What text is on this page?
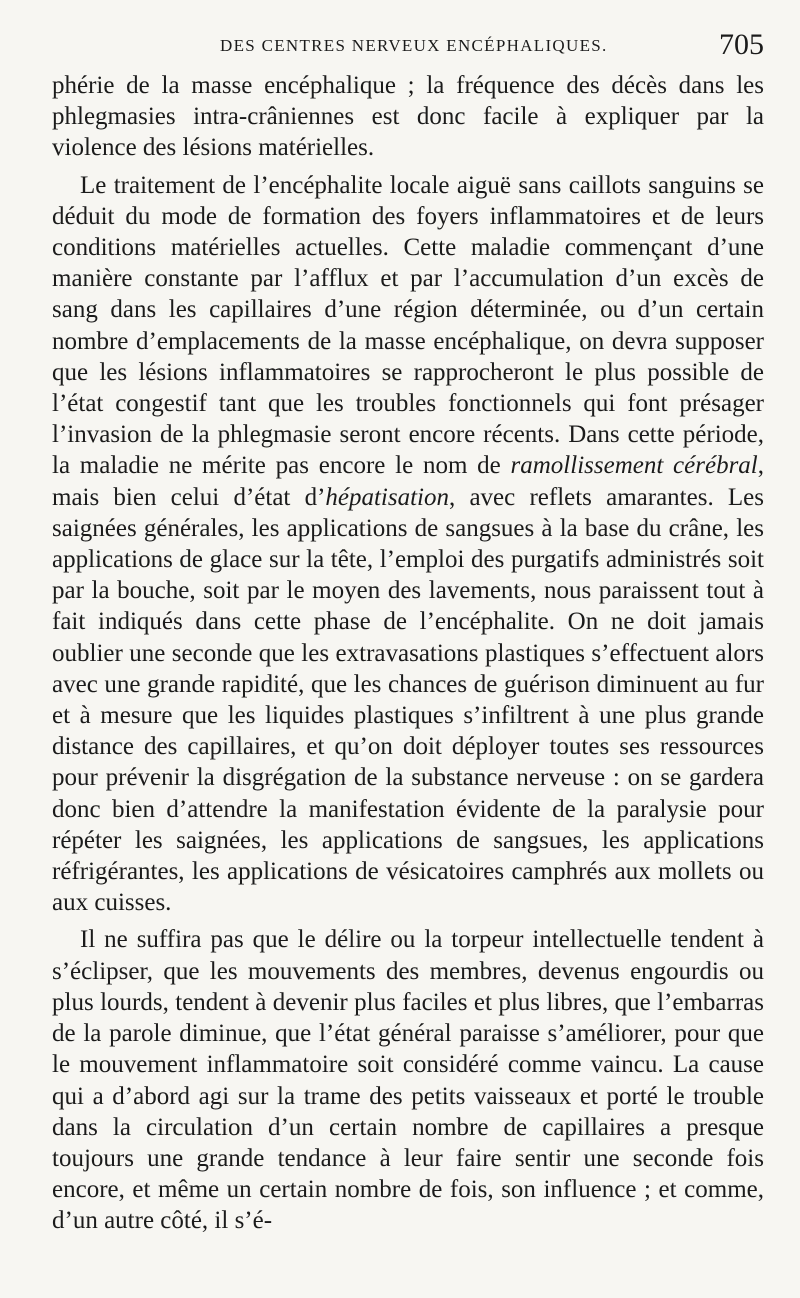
DES CENTRES NERVEUX ENCÉPHALIQUES.	705

phérie de la masse encéphalique ; la fréquence des décès dans les phlegmasies intra-crâniennes est donc facile à expliquer par la violence des lésions matérielles.

Le traitement de l’encéphalite locale aiguë sans caillots sanguins se déduit du mode de formation des foyers inflammatoires et de leurs conditions matérielles actuelles. Cette maladie commençant d’une manière constante par l’afflux et par l’accumulation d’un excès de sang dans les capillaires d’une région déterminée, ou d’un certain nombre d’emplacements de la masse encéphalique, on devra supposer que les lésions inflammatoires se rapprocheront le plus possible de l’état congestif tant que les troubles fonctionnels qui font présager l’invasion de la phlegmasie seront encore récents. Dans cette période, la maladie ne mérite pas encore le nom de ramollissement cérébral, mais bien celui d’état d’hépatisation, avec reflets amarantes. Les saignées générales, les applications de sangsues à la base du crâne, les applications de glace sur la tête, l’emploi des purgatifs administrés soit par la bouche, soit par le moyen des lavements, nous paraissent tout à fait indiqués dans cette phase de l’encéphalite. On ne doit jamais oublier une seconde que les extravasations plastiques s’effectuent alors avec une grande rapidité, que les chances de guérison diminuent au fur et à mesure que les liquides plastiques s’infiltrent à une plus grande distance des capillaires, et qu’on doit déployer toutes ses ressources pour prévenir la disgrégation de la substance nerveuse : on se gardera donc bien d’attendre la manifestation évidente de la paralysie pour répéter les saignées, les applications de sangsues, les applications réfrigérantes, les applications de vésicatoires camphrés aux mollets ou aux cuisses.

Il ne suffira pas que le délire ou la torpeur intellectuelle tendent à s’éclipser, que les mouvements des membres, devenus engourdis ou plus lourds, tendent à devenir plus faciles et plus libres, que l’embarras de la parole diminue, que l’état général paraisse s’améliorer, pour que le mouvement inflammatoire soit considéré comme vaincu. La cause qui a d’abord agi sur la trame des petits vaisseaux et porté le trouble dans la circulation d’un certain nombre de capillaires a presque toujours une grande tendance à leur faire sentir une seconde fois encore, et même un certain nombre de fois, son influence ; et comme, d’un autre côté, il s’é-
